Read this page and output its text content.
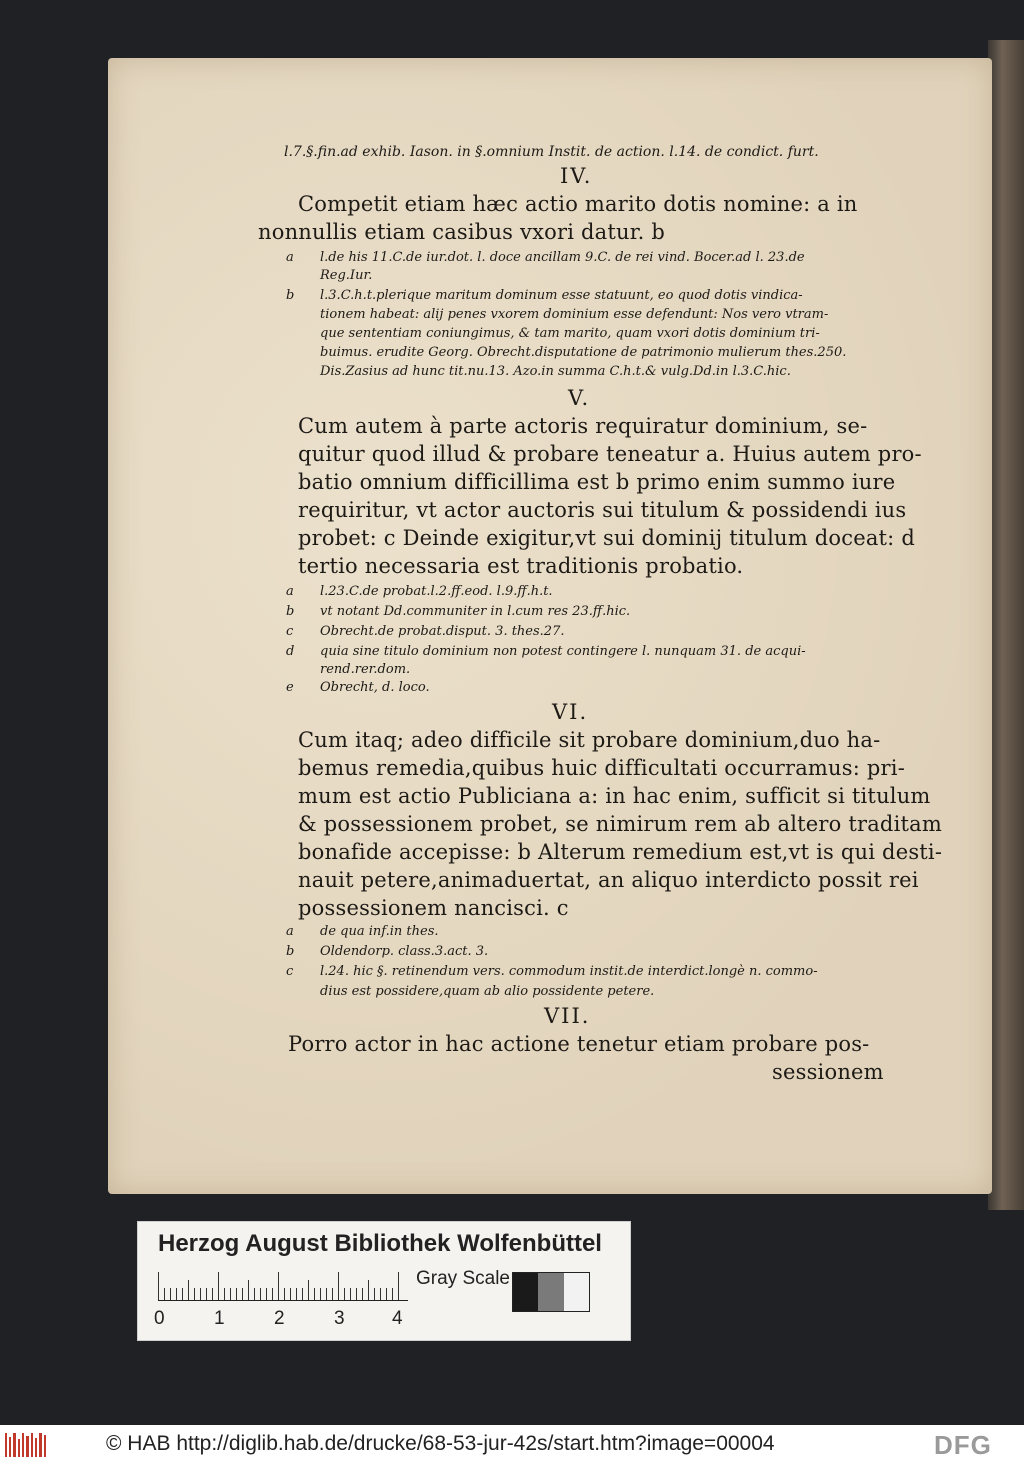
l.7.§.fin.ad exhib. Iason. in §.omnium Instit. de action. l.14. de condict. furt.
IV.
Competit etiam hæc actio marito dotis nomine: a in
nonnullis etiam casibus vxori datur. b
a l.de his 11.C.de iur.dot. l. doce ancillam 9.C. de rei vind. Bocer.ad l. 23.de
Reg.Iur.
b l.3.C.h.t.plerique maritum dominum esse statuunt, eo quod dotis vindica-
tionem habeat: alij penes vxorem dominium esse defendunt: Nos vero vtram-
que sententiam coniungimus, & tam marito, quam vxori dotis dominium tri-
buimus. erudite Georg. Obrecht.disputatione de patrimonio mulierum thes.250.
Dis.Zasius ad hunc tit.nu.13. Azo.in summa C.h.t.& vulg.Dd.in l.3.C.hic.
V.
Cum autem à parte actoris requiratur dominium, se-
quitur quod illud & probare teneatur a. Huius autem pro-
batio omnium difficillima est b primo enim summo iure
requiritur, vt actor auctoris sui titulum & possidendi ius
probet: c Deinde exigitur,vt sui dominij titulum doceat: d
tertio necessaria est traditionis probatio.
a l.23.C.de probat.l.2.ff.eod. l.9.ff.h.t.
b vt notant Dd.communiter in l.cum res 23.ff.hic.
c Obrecht.de probat.disput. 3. thes.27.
d quia sine titulo dominium non potest contingere l. nunquam 31. de acqui-
rend.rer.dom.
e Obrecht, d. loco.
VI.
Cum itaq; adeo difficile sit probare dominium,duo ha-
bemus remedia,quibus huic difficultati occurramus: pri-
mum est actio Publiciana a: in hac enim, sufficit si titulum
& possessionem probet, se nimirum rem ab altero traditam
bonafide accepisse: b Alterum remedium est,vt is qui desti-
nauit petere,animaduertat, an aliquo interdicto possit rei
possessionem nancisci. c
a de qua inf.in thes.
b Oldendorp. class.3.act. 3.
c l.24. hic §. retinendum vers. commodum instit.de interdict.longè n. commo-
dius est possidere,quam ab alio possidente petere.
VII.
Porro actor in hac actione tenetur etiam probare pos-
sessionem
Herzog August Bibliothek Wolfenbüttel
0	1	2	3 4
Gray Scale
© HAB http://diglib.hab.de/drucke/68-53-jur-42s/start.htm?image=00004	DFG
